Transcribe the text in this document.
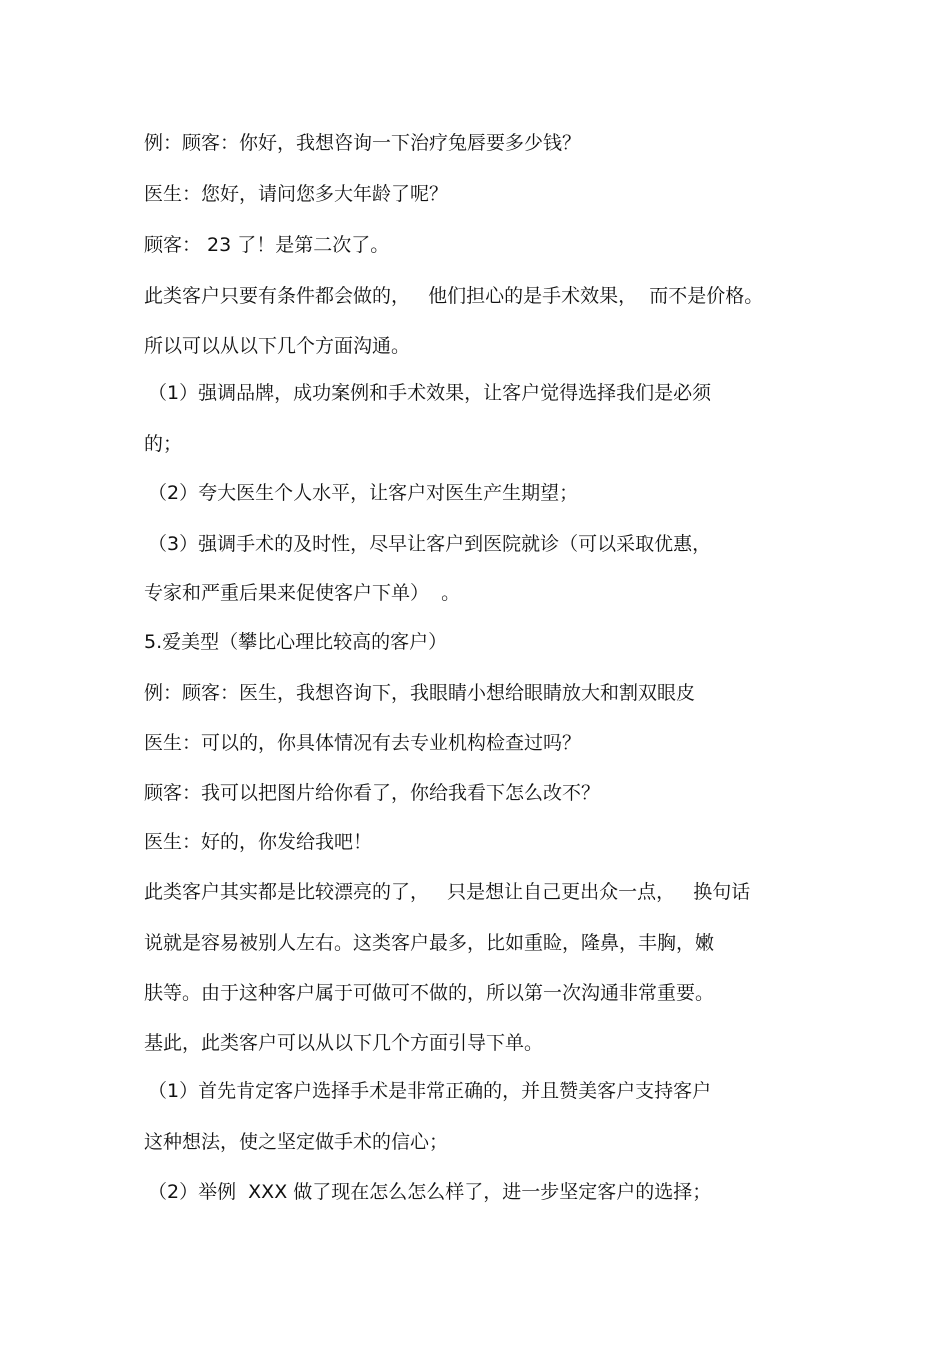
例：顾客：你好，我想咨询一下治疗兔唇要多少钱？

医生：您好，请问您多大年龄了呢？

顾客： 23 了！是第二次了。

此类客户只要有条件都会做的，   他们担心的是手术效果，  而不是价格。

所以可以从以下几个方面沟通。

（1）强调品牌，成功案例和手术效果，让客户觉得选择我们是必须

的；

（2）夸大医生个人水平，让客户对医生产生期望；

（3）强调手术的及时性，尽早让客户到医院就诊（可以采取优惠，

专家和严重后果来促使客户下单）  。

5.爱美型（攀比心理比较高的客户）

例：顾客：医生，我想咨询下，我眼睛小想给眼睛放大和割双眼皮

医生：可以的，你具体情况有去专业机构检查过吗？

顾客：我可以把图片给你看了，你给我看下怎么改不？

医生：好的，你发给我吧！

此类客户其实都是比较漂亮的了，   只是想让自己更出众一点，   换句话

说就是容易被别人左右。这类客户最多，比如重睑，隆鼻，丰胸，嫩

肤等。由于这种客户属于可做可不做的，所以第一次沟通非常重要。

基此，此类客户可以从以下几个方面引导下单。

（1）首先肯定客户选择手术是非常正确的，并且赞美客户支持客户

这种想法，使之坚定做手术的信心；

（2）举例  XXX 做了现在怎么怎么样了，进一步坚定客户的选择；
